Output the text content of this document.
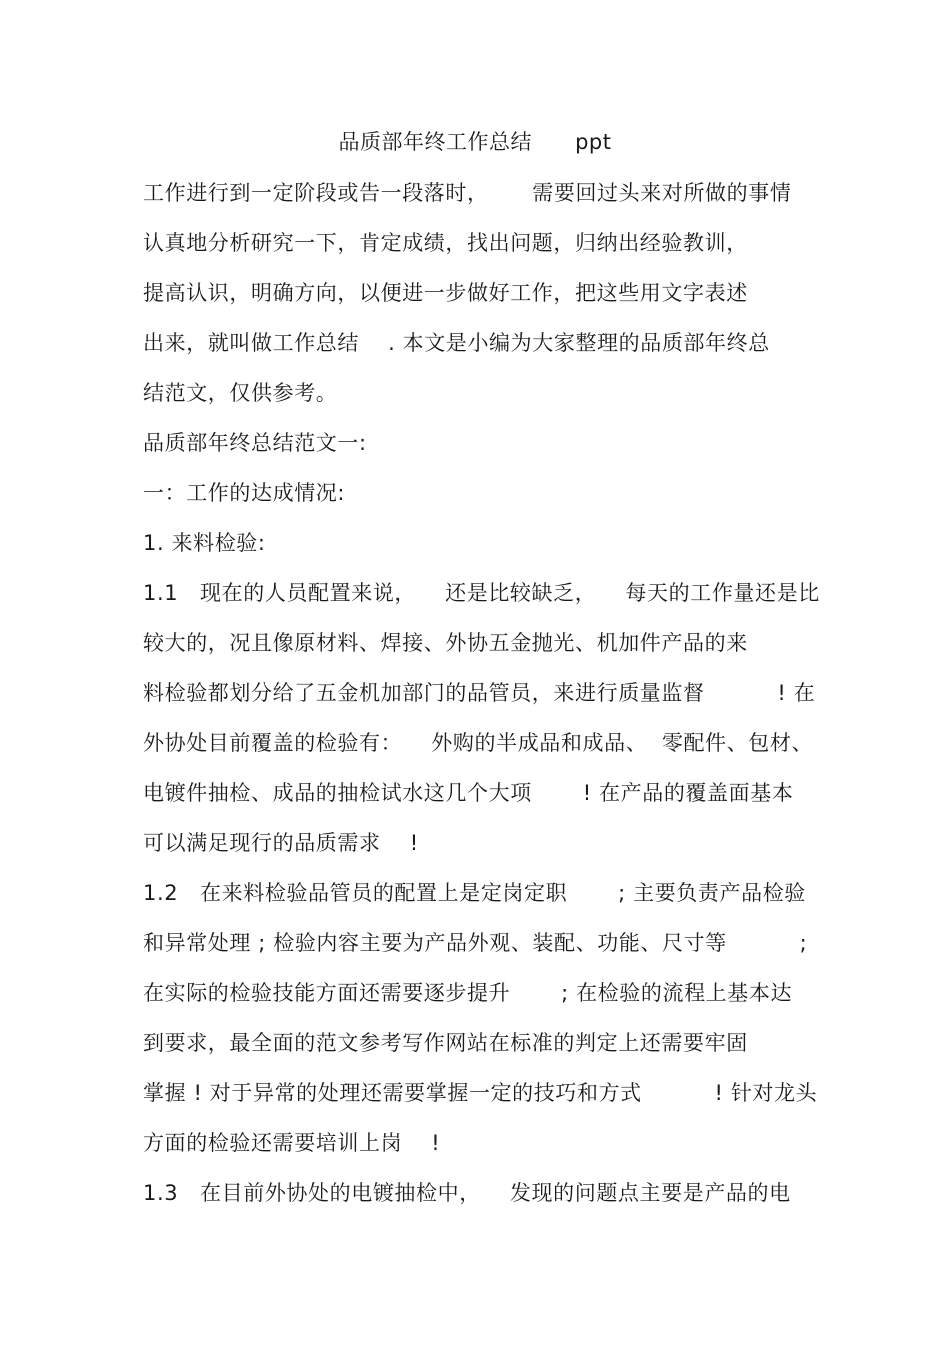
品质部年终工作总结      ppt
工作进行到一定阶段或告一段落时，      需要回过头来对所做的事情
认真地分析研究一下，肯定成绩，找出问题，归纳出经验教训，
提高认识，明确方向，以便进一步做好工作，把这些用文字表述
出来，就叫做工作总结    . 本文是小编为大家整理的品质部年终总
结范文，仅供参考。
品质部年终总结范文一:
一：工作的达成情况:
1. 来料检验:
1.1   现在的人员配置来说，    还是比较缺乏，    每天的工作量还是比
较大的，况且像原材料、焊接、外协五金抛光、机加件产品的来
料检验都划分给了五金机加部门的品管员，来进行质量监督          ! 在
外协处目前覆盖的检验有：    外购的半成品和成品、  零配件、包材、
电镀件抽检、成品的抽检试水这几个大项       ! 在产品的覆盖面基本
可以满足现行的品质需求    !
1.2   在来料检验品管员的配置上是定岗定职       ; 主要负责产品检验
和异常处理 ; 检验内容主要为产品外观、装配、功能、尺寸等          ;
在实际的检验技能方面还需要逐步提升       ; 在检验的流程上基本达
到要求，最全面的范文参考写作网站在标准的判定上还需要牢固
掌握 ! 对于异常的处理还需要掌握一定的技巧和方式          ! 针对龙头
方面的检验还需要培训上岗    !
1.3   在目前外协处的电镀抽检中，    发现的问题点主要是产品的电
